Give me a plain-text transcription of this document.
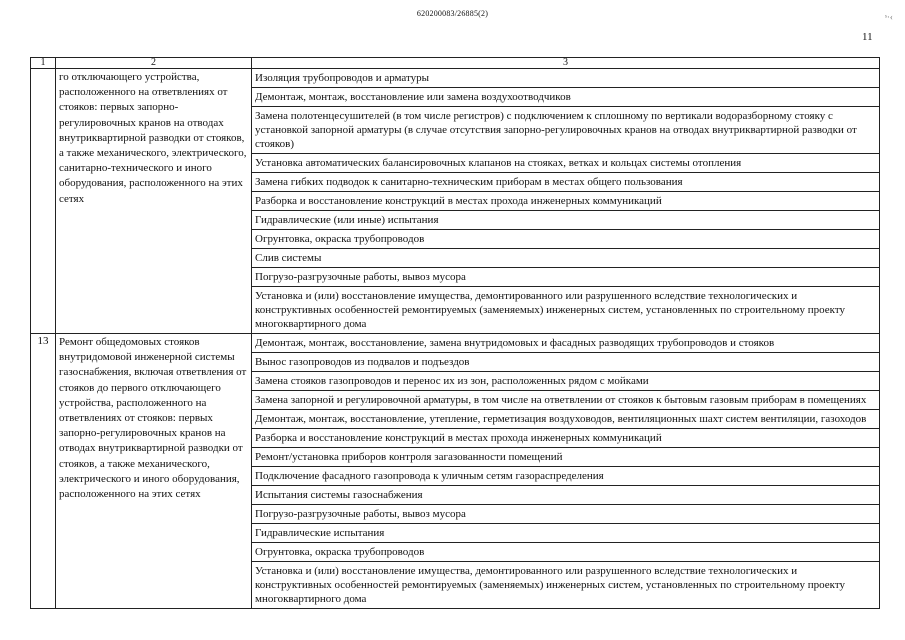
620200083/26885(2)	ˢ·‹
11
1	2	3
	го отключающего устройства, расположенного на ответвлениях от стояков: первых запорно-регулировочных кранов на отводах внутриквартирной разводки от стояков, а также механического, электрического, санитарно-технического и иного оборудования, расположенного на этих сетях	Изоляция трубопроводов и арматуры
		Демонтаж, монтаж, восстановление или замена воздухоотводчиков
		Замена полотенцесушителей (в том числе регистров) с подключением к сплошному по вертикали водоразборному стояку с установкой запорной арматуры (в случае отсутствия запорно-регулировочных кранов на отводах внутриквартирной разводки от стояков)
		Установка автоматических балансировочных клапанов на стояках, ветках и кольцах системы отопления
		Замена гибких подводок к санитарно-техническим приборам в местах общего пользования
		Разборка и восстановление конструкций в местах прохода инженерных коммуникаций
		Гидравлические (или иные) испытания
		Огрунтовка, окраска трубопроводов
		Слив системы
		Погрузо-разгрузочные работы, вывоз мусора
		Установка и (или) восстановление имущества, демонтированного или разрушенного вследствие технологических и конструктивных особенностей ремонтируемых (заменяемых) инженерных систем, установленных по строительному проекту многоквартирного дома
13	Ремонт общедомовых стояков внутридомовой инженерной системы газоснабжения, включая ответвления от стояков до первого отключающего устройства, расположенного на ответвлениях от стояков: первых запорно-регулировочных кранов на отводах внутриквартирной разводки от стояков, а также механического, электрического и иного оборудования, расположенного на этих сетях	Демонтаж, монтаж, восстановление, замена внутридомовых и фасадных разводящих трубопроводов и стояков
		Вынос газопроводов из подвалов и подъездов
		Замена стояков газопроводов и перенос их из зон, расположенных рядом с мойками
		Замена запорной и регулировочной арматуры, в том числе на ответвлении от стояков к бытовым газовым приборам в помещениях
		Демонтаж, монтаж, восстановление, утепление, герметизация воздуховодов, вентиляционных шахт систем вентиляции, газоходов
		Разборка и восстановление конструкций в местах прохода инженерных коммуникаций
		Ремонт/установка приборов контроля загазованности помещений
		Подключение фасадного газопровода к уличным сетям газораспределения
		Испытания системы газоснабжения
		Погрузо-разгрузочные работы, вывоз мусора
		Гидравлические испытания
		Огрунтовка, окраска трубопроводов
		Установка и (или) восстановление имущества, демонтированного или разрушенного вследствие технологических и конструктивных особенностей ремонтируемых (заменяемых) инженерных систем, установленных по строительному проекту многоквартирного дома
